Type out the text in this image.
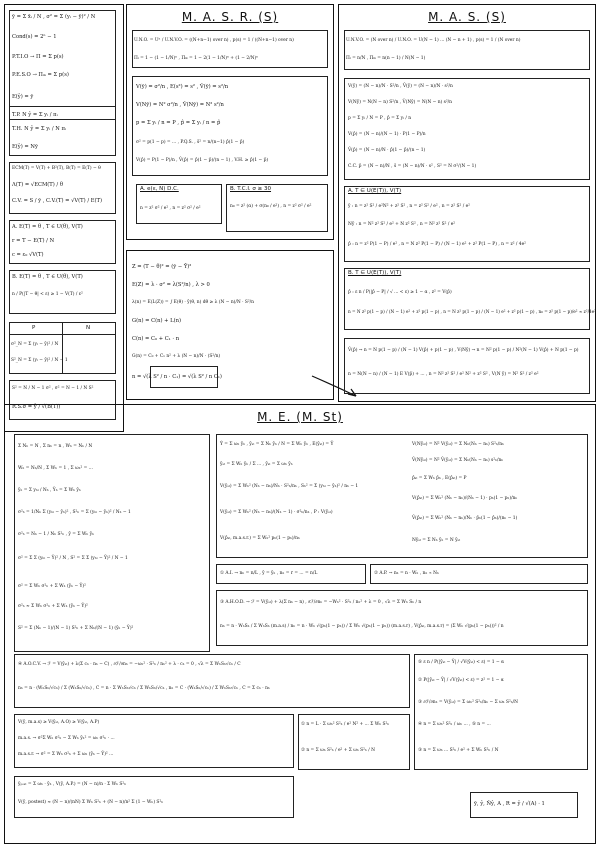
ȳ = Σ x̄ᵢ / N , σ² = Σ (yᵢ − ȳ)² / N
Cond(s) = 2ⁿ − 1
P.T.I.O → Π = Σ p(s)
P.E.S.O → Πᵢₖ = Σ p(s)
E(ŷ) = ȳ
T.P. N ŷ = Σ yᵢ / πᵢ
T.H. N ŷ = Σ yᵢ / N πᵢ
E(ŷ) = Nȳ
ECM(T) = V(T) + B²(T), B(T) = E(T) − θ
Λ(T) = √ECM(T) / θ
C.V. = S / ȳ , C.V.(T) = √V(T) / E(T)
A. E(T) = θ , T ∈ U(θ), V(T)
r = T − E(T) / N
c = ε₀ √V(T)
B. E(T) = θ , T ∈ U(θ), V(T)
n / P(|T − θ| < ε) ≥ 1 − V(T) / ε²
P	N
σ²_N = Σ (yᵢ − ȳ)² / N
S²_N = Σ (yᵢ − ȳ)² / N − 1
S² = N / N − 1 σ² , σ² = N − 1 / N S²
R.S.σ = ŷ / √(B(T))
M. A. S. R. (S)
U.N.O. = Uⁿ / U.N.V.O. = ((N+n−1) over n) , p(s) = 1 / ((N+n−1) over n)
Πᵢ = 1 − (1 − 1/N)ⁿ , Πᵢₖ = 1 − 2(1 − 1/N)ⁿ + (1 − 2/N)ⁿ
V(ȳ) = σ²/n , E(s²) = s² , V̂(ȳ) = s²/n
V(Nȳ) = N² σ²/n , V̂(Nȳ) = N² s²/n
p = Σ yᵢ / n = P , p̂ = Σ yᵢ / n = p̂
σ² = p(1 − p) = ... , P.Q.S. , ŝ² = n/(n−1) p̂(1 − p̂)
V(p̂) = P(1 − P)/n , V̂(p̂) = p̂(1 − p̂)/(n − 1) , V.H. ≥ p̂(1 − p̂)
A. e(ε, N) D.C.
n = z² σ² / e² , n = z² σ² / e²
B. T.C.I. σ ≥ 30
n₀ = z² (α) + σ(n₀ / e²) , n = z² σ² / e²
Z = (T − θ)² = (ȳ − Ȳ)²
E(Z) = λ · σ² = λ(S²/n) , λ > 0
λ(n) = E(L(Z)) = ∫ E(θ) · ȳ(θ, n) dθ ≥ λ (N − n)/N · S²/n
G(n) = C(n) + L(n)
C(n) = C₀ + C₁ · n
G(n) = C₀ + C₁ n² + λ (N − n)/N · (S²/n)
n = √(λ S² / n · C₁) = √(λ S² / n C₁)
M. A. S. (S)
U.N.V.O. = (N over n) / U.N.O. = U(N − 1) ... (N − n + 1) , p(s) = 1 / (N over n)
Πᵢ = n/N , Πᵢₖ = n(n − 1) / N(N − 1)
V(ȳ) = (N − n)/N · S²/n , V̂(ȳ) = (N − n)/N · s²/n
V(Nȳ) = N(N − n) S²/n , V̂(Nȳ) = N(N − n) s²/n
p = Σ yᵢ / N = P , p̂ = Σ yᵢ / n
V(p̂) = (N − n)/(N − 1) · P(1 − P)/n
V̂(p̂) = (N − n)/N · p̂(1 − p̂)/(n − 1)
C.C. p̂ = (N − n)/N , ŝ = (N − n)/N · s² , S² = N σ²/(N − 1)
A. T ∈ U(E(T)), V(T)
ŷ : n = z² S² / e²N² + z² S² , n = z² S² / e² , n = z² S² / e²
Nȳ : n = N² z² S² / e² + N z² S² , n = N² z² S² / e²
p̂ : n = z² P(1 − P) / e² , n = N z² P(1 − P) / (N − 1) e² + z² P(1 − P) , n = z² / 4e²
B. T ∈ U(E(T)), V(T)
p̂ : ε n / P(|p̂ − P| / √ ... < ε) ≥ 1 − α , z² = V(p̂)
n = N z² p(1 − p) / (N − 1) e² + z² p(1 − p) , n = N z² p(1 − p) / (N − 1) e² + z² p(1 − p) , n₀ = z² p(1 − p)/e² ≈ z²/4e²
V̂(p̂) → n = N p(1 − p) / (N − 1) V(p̂) + p(1 − p) , V(Nȳ) → n = N² p(1 − p) / N²(N − 1) V(p̂) + N p(1 − p)
n = N(N − n) / (N − 1) E V(p̂) + ... , n = N² z² S² / e² N² + z² S² , V(N ȳ) = N² S² / z² e²
M. E. (M. St)
Σ Nₕ = N , Σ nₕ = n , Wₕ = Nₕ / N
Wₕ = Nₕ/N , Σ Wₕ = 1 , Σ ωₕ² = ...
ȳₕ = Σ yₕᵢ / Nₕ , Ȳₕ = Σ Wₕ ȳₕ
σ²ₕ = 1/Nₕ Σ (yₕᵢ − ȳₕ)² , S²ₕ = Σ (yₕᵢ − ȳₕ)² / Nₕ − 1
σ²ₕ = Nₕ − 1 / Nₕ S²ₕ , ȳ = Σ Wₕ ȳₕ
σ² = Σ Σ (yₕᵢ − Ȳ)² / N , S² = Σ Σ (yₕᵢ − Ȳ)² / N − 1
σ² = Σ Wₕ σ²ₕ + Σ Wₕ (ȳₕ − Ȳ)²
σ²ₕ ≈ Σ Wₕ σ²ₕ + Σ Wₕ (ȳₕ − Ȳ)²
S² = Σ (Nₕ − 1)/(N − 1) S²ₕ + Σ Nₕ/(N − 1) (ȳₕ − Ȳ)²
Ŷ = Σ ωₕ ȳₕ , ȳₛₜ = Σ Nₕ ȳₕ / N = Σ Wₕ ȳₕ , E(ȳₛₜ) = Ȳ
ȳₛₜ = Σ Wₕ ȳₕ / Σ ... , ȳₛₜ = Σ ωₕ ȳₕ
V(ȳₛₜ) = Σ Wₕ² (Nₕ − nₕ)/Nₕ · S²ₕ/nₕ , Sₕ² = Σ (yₕᵢ − ȳₕ)² / nₕ − 1
V(ȳₛₜ) = Σ Wₕ² (Nₕ − nₕ)/(Nₕ − 1) · σ²ₕ/nₕ , P : V(ȳₛₜ)
V(p̂ₛₜ, m.a.s.r.) = Σ Wₕ² pₕ(1 − pₕ)/nₕ
V(Nȳₛₜ) = N² V(ȳₛₜ) = Σ Nₕ(Nₕ − nₕ) S²ₕ/nₕ
V̂(Nȳₛₜ) = N² V̂(ȳₛₜ) = Σ Nₕ(Nₕ − nₕ) s²ₕ/nₕ
p̂ₛₜ = Σ Wₕ p̂ₕ , E(p̂ₛₜ) = P
V(p̂ₛₜ) = Σ Wₕ² (Nₕ − nₕ)/(Nₕ − 1) · pₕ(1 − pₕ)/nₕ
V̂(p̂ₛₜ) = Σ Wₕ² (Nₕ − nₕ)/Nₕ · p̂ₕ(1 − p̂ₕ)/(nₕ − 1)
Nŷₛₜ = Σ Nₕ ȳₕ = N ȳₛₜ
① A.I. → nₕ = n/L , ȳ = ȳₕ , nₕ = r = ... = n/L	② A.P. → nₕ = n · Wₕ , nₕ ∝ Nₕ
③ A.H.O.D. → ℱ = V(ȳₛₜ) + λ(Σ nₕ − n) , ∂ℱ/∂nₕ = −Wₕ² · S²ₕ / nₕ² + λ = 0 , √λ = Σ Wₕ Sₕ / n
nₕ = n · WₕSₕ / Σ WₕSₕ (m.a.s) / nₕ = n · Wₕ √(pₕ(1 − pₕ)) / Σ Wₕ √(pₕ(1 − pₕ)) (m.a.s.r) , V(p̂ₛₜ, m.a.s.r) = (Σ Wₕ √(pₕ(1 − pₕ)))² / n
④ A.O.C.V. → ℱ = V(ȳₛₜ) + λ(Σ cₕ · nₕ − C) , ∂ℱ/∂nₕ = −ωₕ² · S²ₕ / nₕ² + λ · cₕ = 0 , √λ = Σ WₕSₕ√cₕ / C
nₕ = n · (WₕSₕ/√cₕ) / Σ (WₕSₕ/√cₕ) , C = n · Σ WₕSₕ√cₕ / Σ WₕSₕ/√cₕ , nₕ = C · (WₕSₕ/√cₕ) / Σ WₕSₕ√cₕ , C = Σ cₕ · nₕ
⑤ ε n / P(|ȳₛₜ − Ȳ| / √V(ȳₛₜ) < ε) = 1 − α
② P(|ȳₛₜ − Ȳ| / √V(ȳₛₜ) < ε) = z² = 1 − α
③ ∂ℱ/∂nₕ = V(ȳₛₜ) = Σ ωₕ² S²ₕ/nₕ − Σ ωₕ S²ₕ/N
④ n = Σ ωₕ² S²ₕ / ωₕ ... , ⑤ n = ...
③ n = Σ ωₕ ... S²ₕ / e² + Σ Wₕ S²ₕ / N
V(ȳ, m.a.s) ≥ V(ȳₛₜ, A.O) ≥ V(ȳₛₜ, A.P)
m.a.s. → σ²Σ Wₕ σ²ₕ − Σ Wₕ ȳₕ² = ωₕ σ²ₕ · ...
m.a.s.r. → σ² = Σ Wₕ σ²ₕ + Σ ωₕ (ȳₕ − Ȳ)² ...
① n = L · Σ ωₕ² S²ₕ / e² N² + ... Σ Wₕ S²ₕ
② n = Σ ωₕ S²ₕ / e² + Σ ωₕ S²ₕ / N
ŷₚₒₛₜ = Σ ωₕ · ȳₕ , V(ȳ, A.P.) = (N − n)/n · Σ Wₕ S²ₕ
V(ȳ, postest) ≈ (N − n)/(nN) Σ Wₕ S²ₕ + (N − n)/n² Σ (1 − Wₕ) S²ₕ	ȳ, ŷ, N̂ŷ, A , R = ŷ / √(A) · 1
